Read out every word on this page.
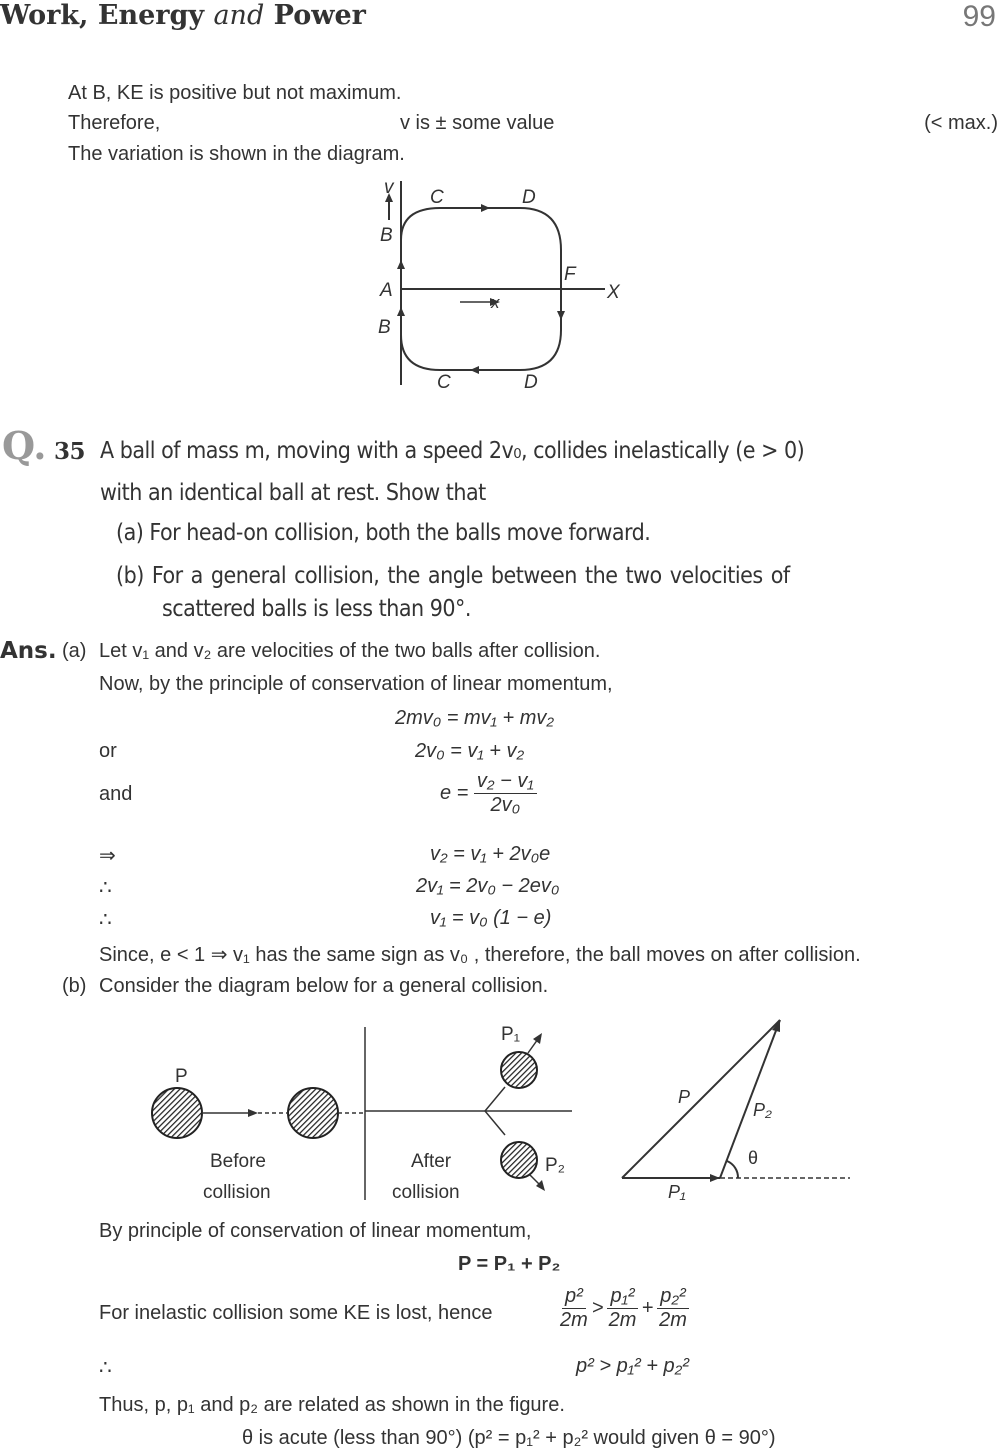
Work, Energy and Power	99
At B, KE is positive but not maximum.
Therefore,	v is ± some value	(< max.)
The variation is shown in the diagram.
v
B
C	D
A
F
X
x
B
C	D
Q. 35 A ball of mass m, moving with a speed 2v₀, collides inelastically (e > 0)
with an identical ball at rest. Show that
(a) For head-on collision, both the balls move forward.
(b) For a general collision, the angle between the two velocities of
scattered balls is less than 90°.
Ans. (a) Let v₁ and v₂ are velocities of the two balls after collision.
Now, by the principle of conservation of linear momentum,
2mv₀ = mv₁ + mv₂
or	2v₀ = v₁ + v₂
and	$e = \frac{\text{v₂ − v₁}}{\text{2v₀}}$
⇒	v₂ = v₁ + 2v₀e
∴	2v₁ = 2v₀ − 2ev₀
∴	v₁ = v₀ (1 − e)
Since, e < 1 ⇒ v₁ has the same sign as v₀ , therefore, the ball moves on after collision.
(b) Consider the diagram below for a general collision.
P
P₁
P₂
Before
collision
After
collision
P
P₂
P₁
θ
By principle of conservation of linear momentum,
P = P₁ + P₂
For inelastic collision some KE is lost, hence	$\frac{\text{p²}}{2m} > \frac{\text{p₁²}}{2m} + \frac{\text{p₂²}}{2m}$
∴	p² > p₁² + p₂²
Thus, p, p₁ and p₂ are related as shown in the figure.
θ is acute (less than 90°) (p² = p₁² + p₂² would given θ = 90°)
